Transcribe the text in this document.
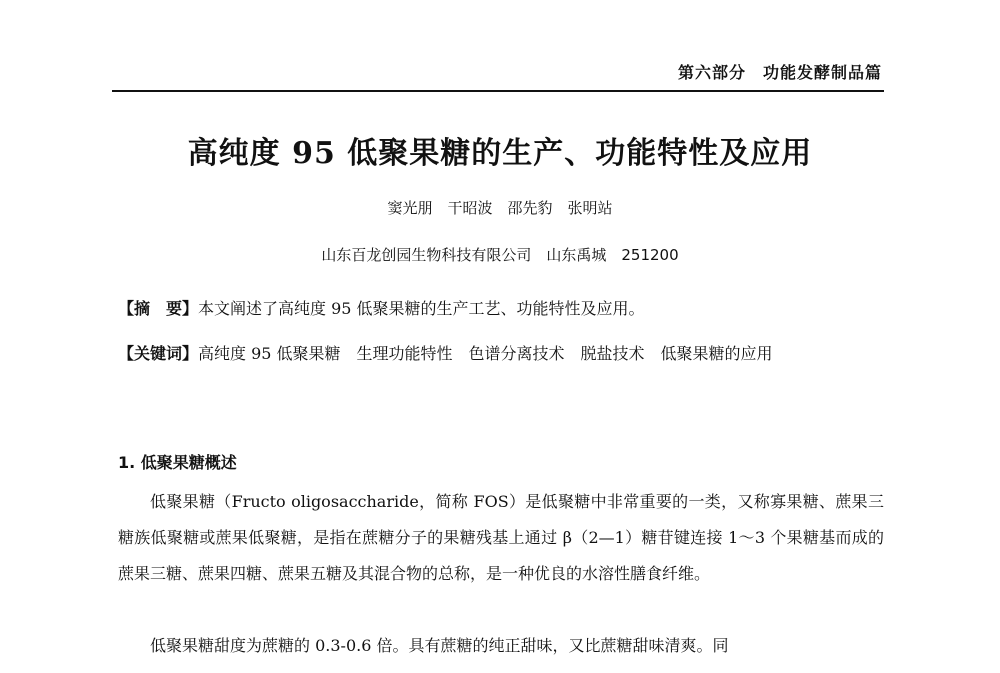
第六部分　功能发酵制品篇
高纯度 95 低聚果糖的生产、功能特性及应用
窦光朋　干昭波　邵先豹　张明站
山东百龙创园生物科技有限公司　山东禹城　251200
【摘　要】本文阐述了高纯度 95 低聚果糖的生产工艺、功能特性及应用。
【关键词】高纯度 95 低聚果糖　生理功能特性　色谱分离技术　脱盐技术　低聚果糖的应用
1. 低聚果糖概述
低聚果糖（Fructo oligosaccharide，简称 FOS）是低聚糖中非常重要的一类，又称寡果糖、蔗果三糖族低聚糖或蔗果低聚糖，是指在蔗糖分子的果糖残基上通过 β（2—1）糖苷键连接 1～3 个果糖基而成的蔗果三糖、蔗果四糖、蔗果五糖及其混合物的总称，是一种优良的水溶性膳食纤维。
低聚果糖甜度为蔗糖的 0.3-0.6 倍。具有蔗糖的纯正甜味，又比蔗糖甜味清爽。同
